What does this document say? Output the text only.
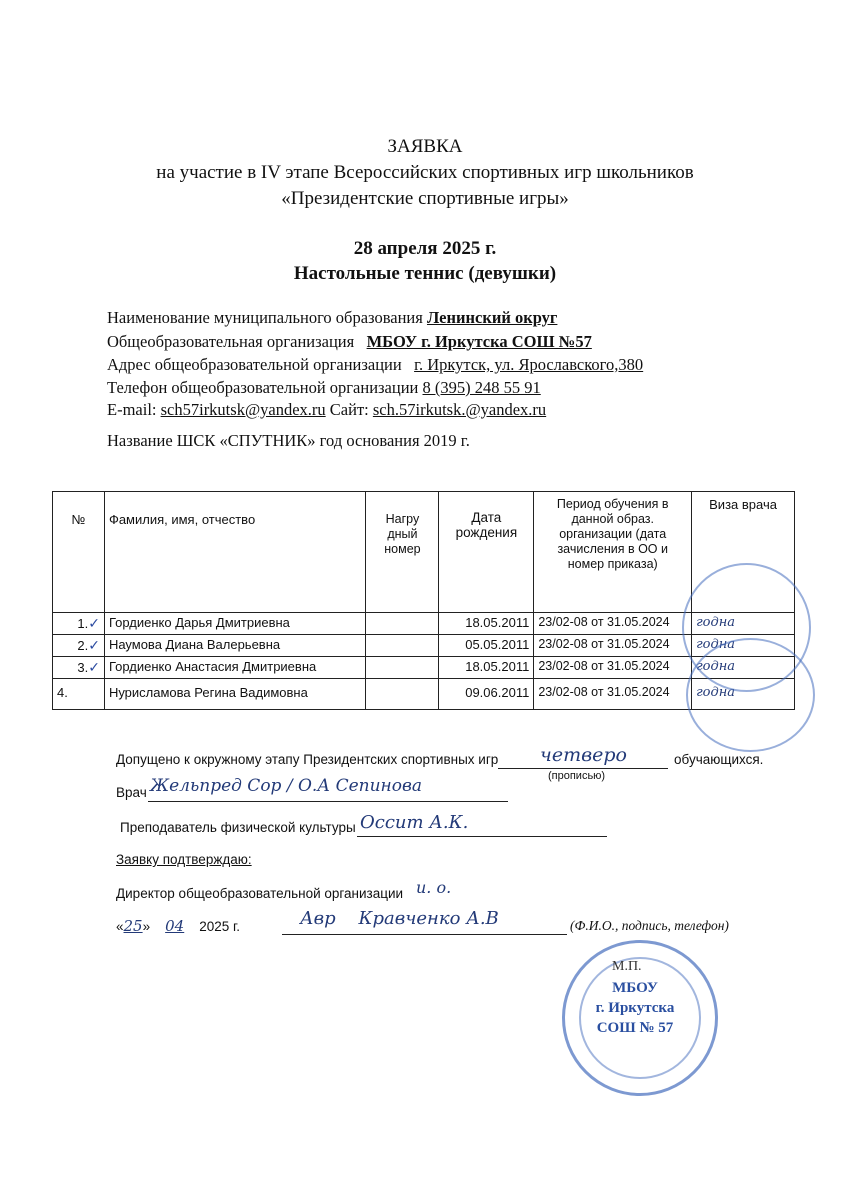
ЗАЯВКА
на участие в IV этапе Всероссийских спортивных игр школьников
«Президентские спортивные игры»
28 апреля 2025 г.
Настольные теннис (девушки)
Наименование муниципального образования Ленинский округ
Общеобразовательная организация МБОУ г. Иркутска СОШ №57
Адрес общеобразовательной организации г. Иркутск, ул. Ярославского,380
Телефон общеобразовательной организации 8 (395) 248 55 91
E-mail: sch57irkutsk@yandex.ru Сайт: sch.57irkutsk.@yandex.ru
Название ШСК «СПУТНИК» год основания 2019 г.
№	Фамилия, имя, отчество	Нагру дный номер	Дата рождения	Период обучения в данной образ. организации (дата зачисления в ОО и номер приказа)	Виза врача
1.✓	Гордиенко Дарья Дмитриевна		18.05.2011	23/02-08 от 31.05.2024	годна
2.✓	Наумова Диана Валерьевна		05.05.2011	23/02-08 от 31.05.2024	годна
3.✓	Гордиенко Анастасия Дмитриевна		18.05.2011	23/02-08 от 31.05.2024	годна
4.	Нурисламова Регина Вадимовна		09.06.2011	23/02-08 от 31.05.2024	годна
Допущено к окружному этапу Президентских спортивных игр четверо	обучающихся.
(прописью)
Врач Жельпред Сор / О.А Сепиновa
Преподаватель физической культуры Оссит А.К.
Заявку подтверждаю:
Директор общеобразовательной организации и. о.
«25» 04 2025 г.	Авр    Кравченко А.В	(Ф.И.О., подпись, телефон)
М.П.
МБОУ
г. Иркутска
СОШ № 57
